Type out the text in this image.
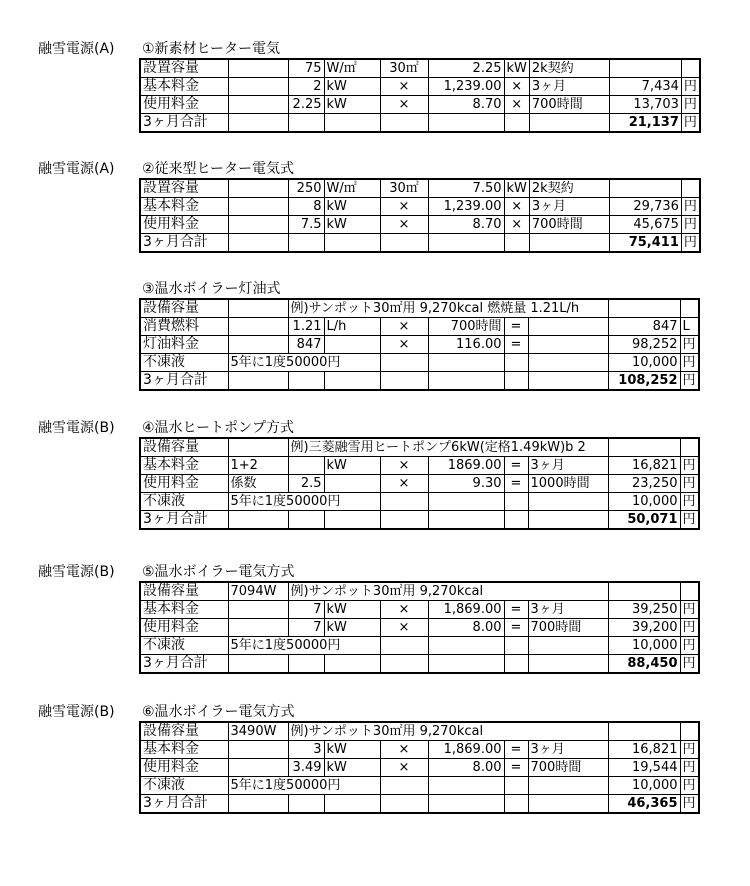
融雪電源(A) ①新素材ヒーター電気
設置容量		75	W/㎡	30㎡	2.25	kW	2k契約		
基本料金		2	kW	×	1,239.00	×	3ヶ月	7,434	円
使用料金		2.25	kW	×	8.70	×	700時間	13,703	円
3ヶ月合計								21,137	円
融雪電源(A) ②従来型ヒーター電気式
設置容量		250	W/㎡	30㎡	7.50	kW	2k契約		
基本料金		8	kW	×	1,239.00	×	3ヶ月	29,736	円
使用料金		7.5	kW	×	8.70	×	700時間	45,675	円
3ヶ月合計								75,411	円
③温水ボイラー灯油式
設備容量		例)サンポット30㎡用 9,270kcal 燃焼量 1.21L/h							
消費燃料		1.21	L/h	×	700時間	=		847	L
灯油料金		847		×	116.00	=		98,252	円
不凍液	5年に1度50000円							10,000	円
3ヶ月合計								108,252	円
融雪電源(B) ④温水ヒートポンプ方式
設備容量		例)三菱融雪用ヒートポンプ6kW(定格1.49kW)b 2							
基本料金	1+2		kW	×	1869.00	=	3ヶ月	16,821	円
使用料金	係数	2.5		×	9.30	=	1000時間	23,250	円
不凍液	5年に1度50000円							10,000	円
3ヶ月合計								50,071	円
融雪電源(B) ⑤温水ボイラー電気方式
設備容量	7094W	例)サンポット30㎡用 9,270kcal							
基本料金		7	kW	×	1,869.00	=	3ヶ月	39,250	円
使用料金		7	kW	×	8.00	=	700時間	39,200	円
不凍液	5年に1度50000円							10,000	円
3ヶ月合計								88,450	円
融雪電源(B) ⑥温水ボイラー電気方式
設備容量	3490W	例)サンポット30㎡用 9,270kcal							
基本料金		3	kW	×	1,869.00	=	3ヶ月	16,821	円
使用料金		3.49	kW	×	8.00	=	700時間	19,544	円
不凍液	5年に1度50000円							10,000	円
3ヶ月合計								46,365	円
